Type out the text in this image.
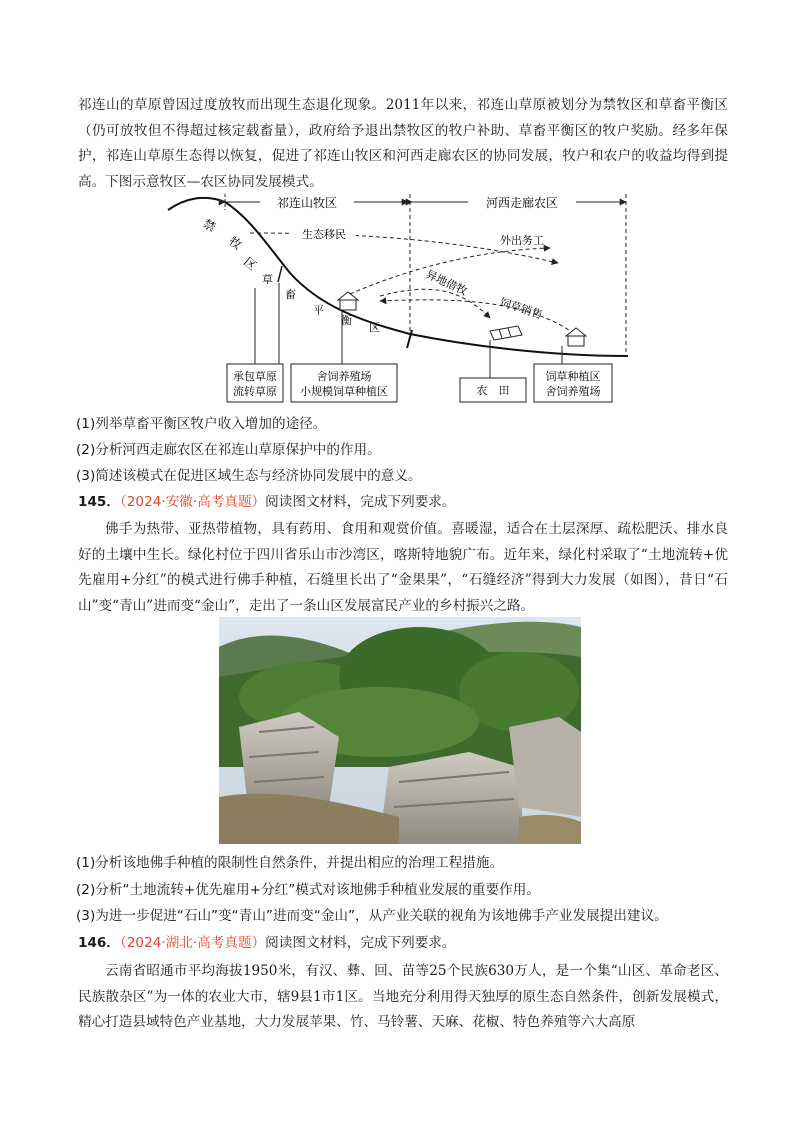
祁连山的草原曾因过度放牧而出现生态退化现象。2011年以来，祁连山草原被划分为禁牧区和草畜平衡区（仍可放牧但不得超过核定载畜量），政府给予退出禁牧区的牧户补助、草畜平衡区的牧户奖励。经多年保护，祁连山草原生态得以恢复，促进了祁连山牧区和河西走廊农区的协同发展，牧户和农户的收益均得到提高。下图示意牧区—农区协同发展模式。

祁连山牧区	河西走廊农区
禁
牧
区
草
畜
平
衡
区
生态移民	外出务工
异地借牧
饲草销售
承包草原
流转草原
舍饲养殖场
小规模饲草种植区	农　田
饲草种植区
舍饲养殖场

(1)列举草畜平衡区牧户收入增加的途径。

(2)分析河西走廊农区在祁连山草原保护中的作用。

(3)简述该模式在促进区域生态与经济协同发展中的意义。

145．（2024·安徽·高考真题）阅读图文材料，完成下列要求。

佛手为热带、亚热带植物，具有药用、食用和观赏价值。喜暖湿，适合在土层深厚、疏松肥沃、排水良好的土壤中生长。绿化村位于四川省乐山市沙湾区，喀斯特地貌广布。近年来，绿化村采取了“土地流转+优先雇用+分红”的模式进行佛手种植，石缝里长出了“金果果”，“石缝经济”得到大力发展（如图），昔日“石山”变“青山”进而变“金山”，走出了一条山区发展富民产业的乡村振兴之路。

(1)分析该地佛手种植的限制性自然条件，并提出相应的治理工程措施。

(2)分析“土地流转+优先雇用+分红”模式对该地佛手种植业发展的重要作用。

(3)为进一步促进“石山”变“青山”进而变“金山”，从产业关联的视角为该地佛手产业发展提出建议。

146．（2024·湖北·高考真题）阅读图文材料，完成下列要求。

云南省昭通市平均海拔1950米，有汉、彝、回、苗等25个民族630万人，是一个集“山区、革命老区、民族散杂区”为一体的农业大市，辖9县1市1区。当地充分利用得天独厚的原生态自然条件，创新发展模式，精心打造县域特色产业基地，大力发展苹果、竹、马铃薯、天麻、花椒、特色养殖等六大高原
